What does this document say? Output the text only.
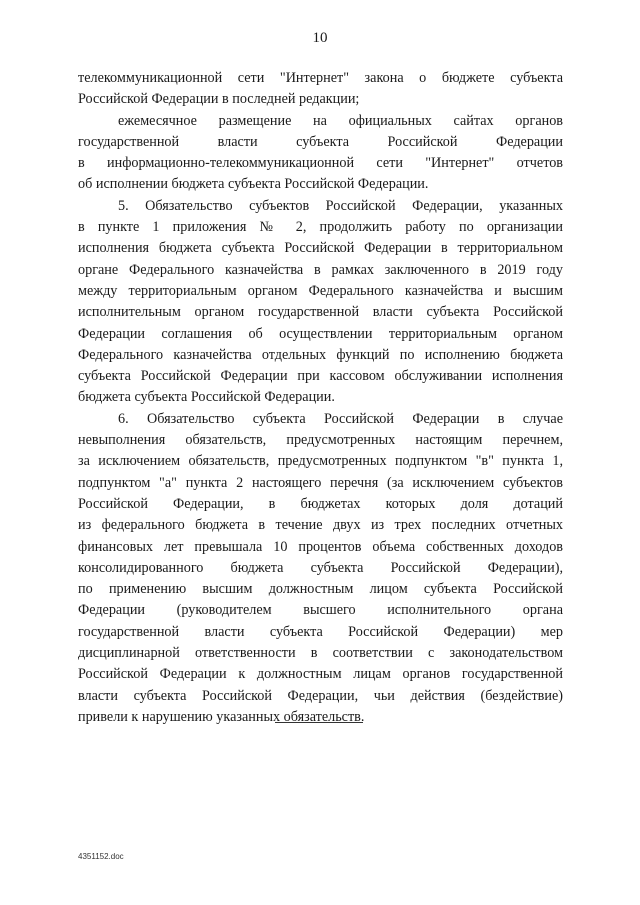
10

телекоммуникационной сети "Интернет" закона о бюджете субъекта
Российской Федерации в последней редакции;

ежемесячное размещение на официальных сайтах органов
государственной власти субъекта Российской Федерации
в информационно-телекоммуникационной сети "Интернет" отчетов
об исполнении бюджета субъекта Российской Федерации.

5. Обязательство субъектов Российской Федерации, указанных
в пункте 1 приложения № 2, продолжить работу по организации
исполнения бюджета субъекта Российской Федерации в территориальном
органе Федерального казначейства в рамках заключенного в 2019 году
между территориальным органом Федерального казначейства и высшим
исполнительным органом государственной власти субъекта Российской
Федерации соглашения об осуществлении территориальным органом
Федерального казначейства отдельных функций по исполнению бюджета
субъекта Российской Федерации при кассовом обслуживании исполнения
бюджета субъекта Российской Федерации.

6. Обязательство субъекта Российской Федерации в случае
невыполнения обязательств, предусмотренных настоящим перечнем,
за исключением обязательств, предусмотренных подпунктом "в" пункта 1,
подпунктом "а" пункта 2 настоящего перечня (за исключением субъектов
Российской Федерации, в бюджетах которых доля дотаций
из федерального бюджета в течение двух из трех последних отчетных
финансовых лет превышала 10 процентов объема собственных доходов
консолидированного бюджета субъекта Российской Федерации),
по применению высшим должностным лицом субъекта Российской
Федерации (руководителем высшего исполнительного органа
государственной власти субъекта Российской Федерации) мер
дисциплинарной ответственности в соответствии с законодательством
Российской Федерации к должностным лицам органов государственной
власти субъекта Российской Федерации, чьи действия (бездействие)
привели к нарушению указанных обязательств.

4351152.doc
